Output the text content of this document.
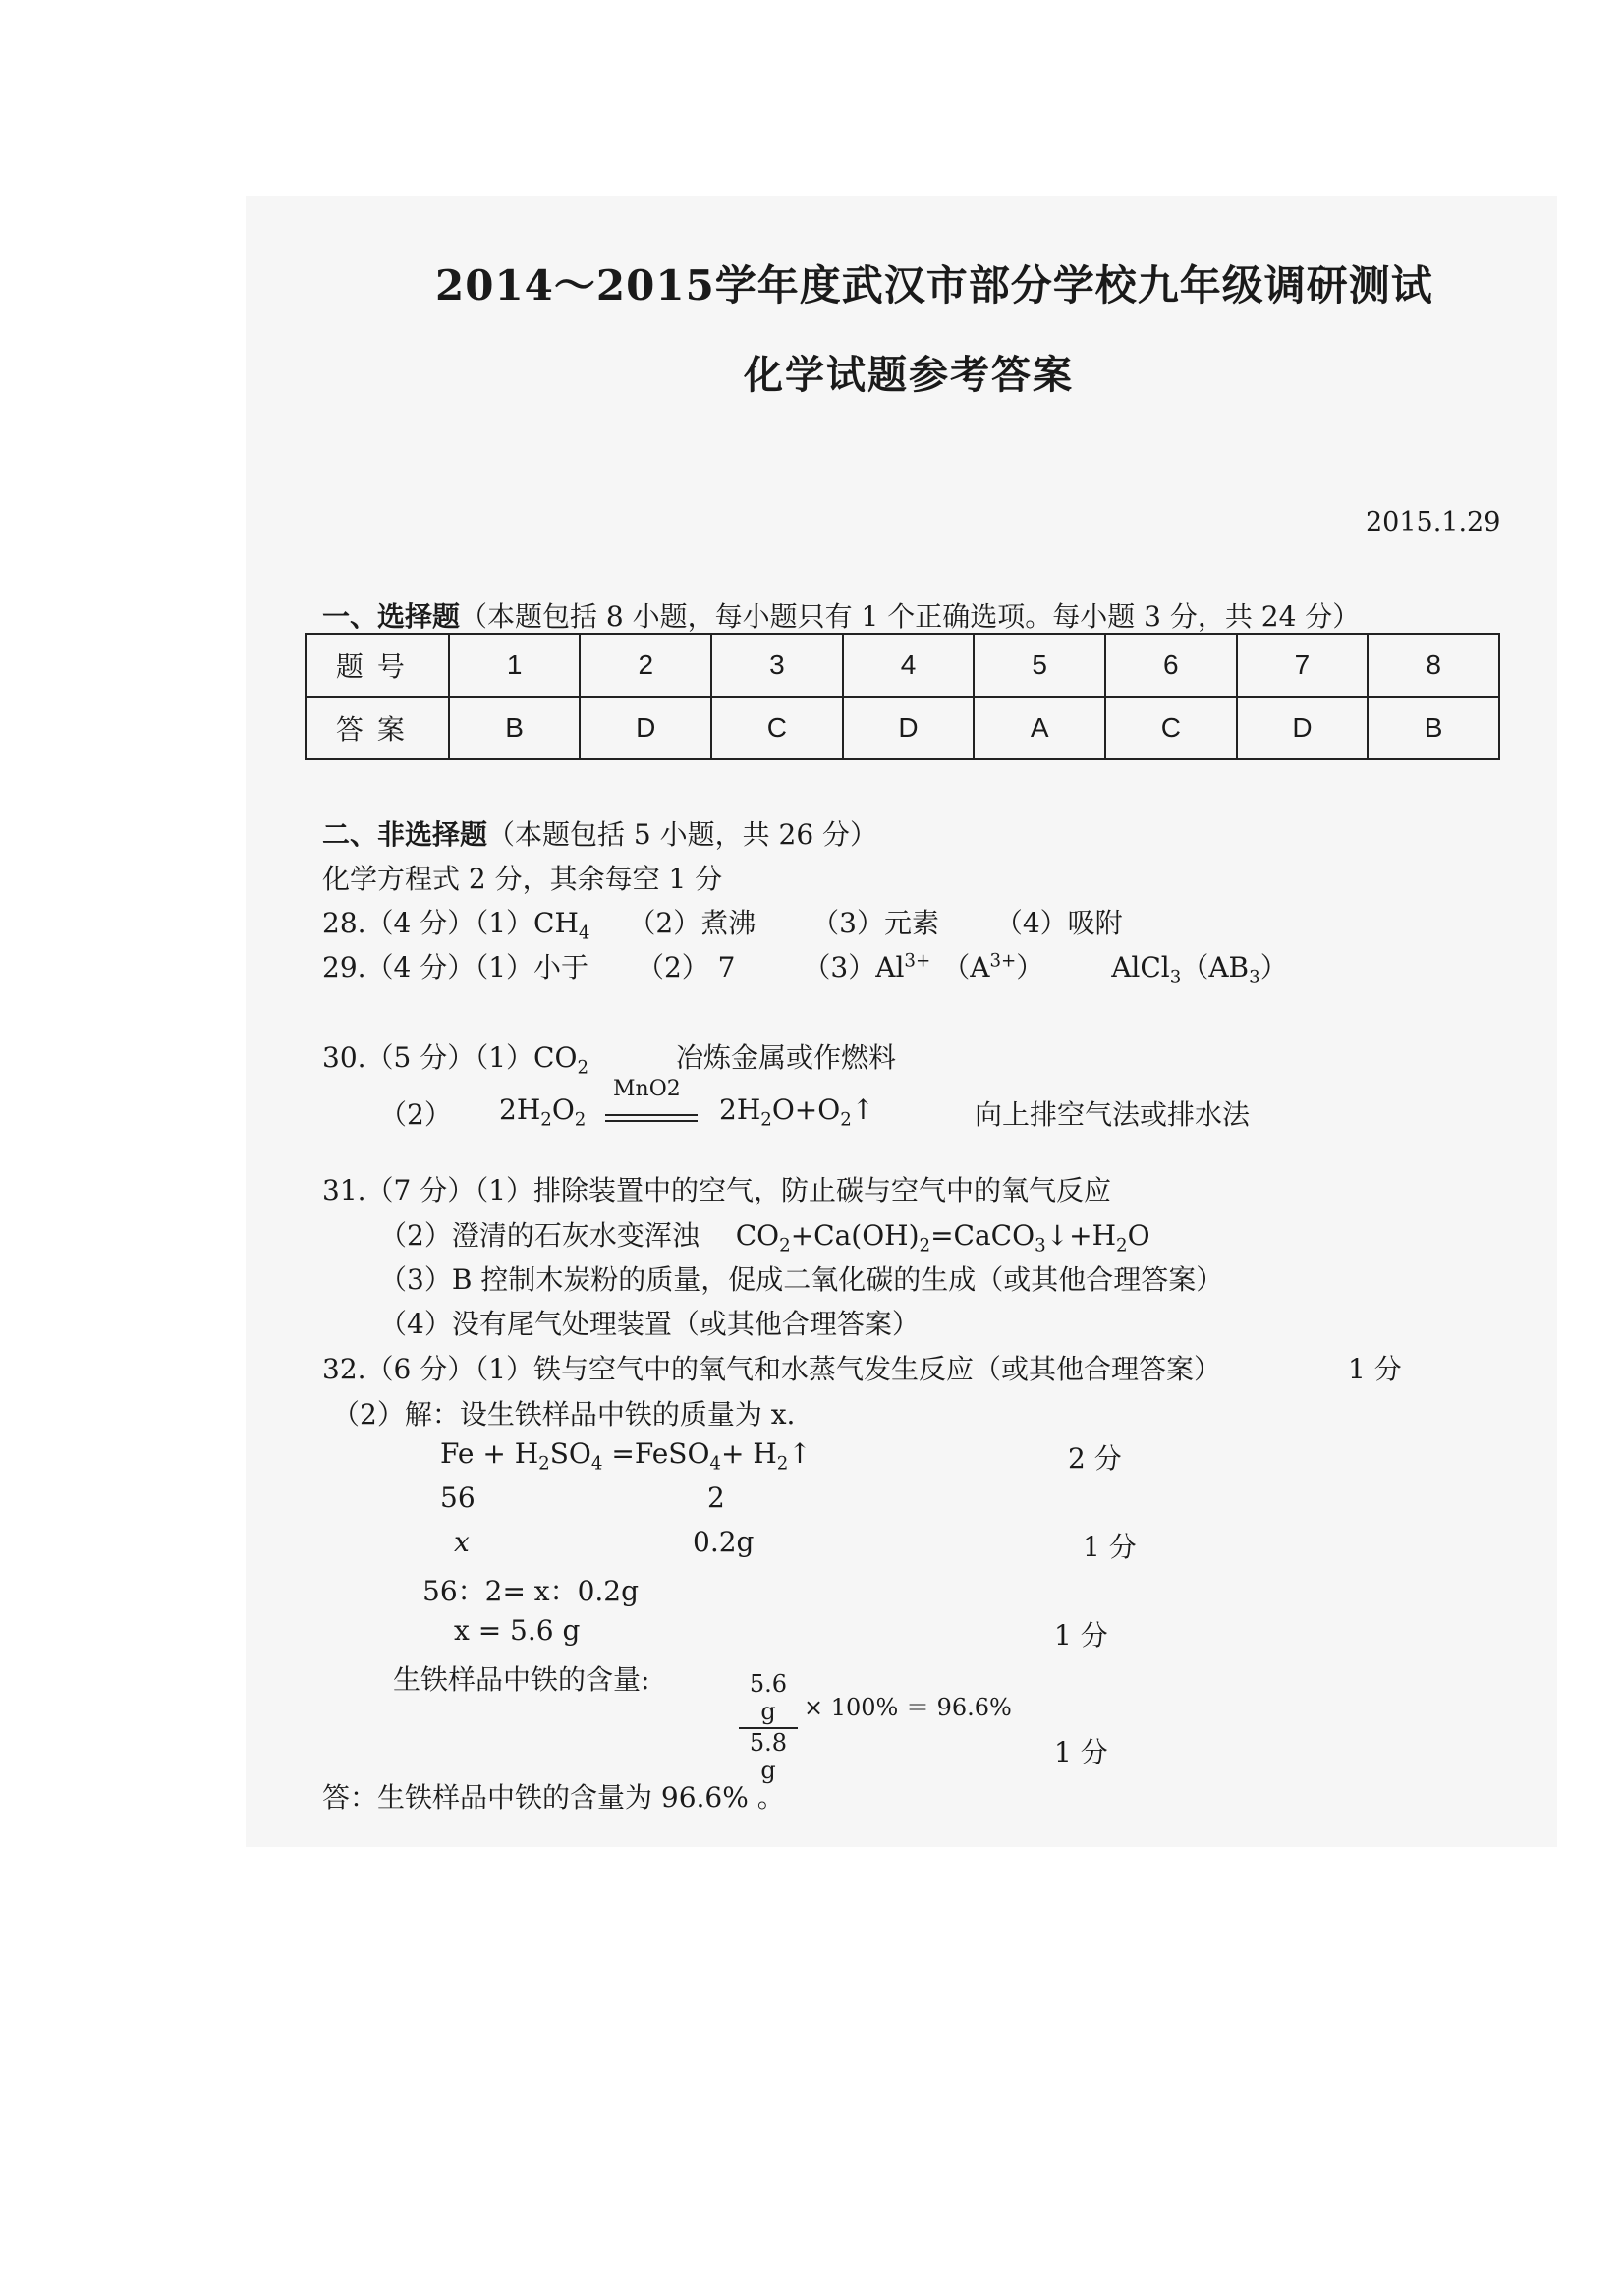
2014～2015学年度武汉市部分学校九年级调研测试
化学试题参考答案
2015.1.29
一、选择题（本题包括 8 小题，每小题只有 1 个正确选项。每小题 3 分，共 24 分）
题号	1	2	3	4	5	6	7	8
答案	B	D	C	D	A	C	D	B
二、非选择题（本题包括 5 小题，共 26 分）
化学方程式 2 分，其余每空 1 分
28.（4 分）$(1)CH_4$ （2）煮沸 （3）元素 （4）吸附
29.（4 分）（1）小于 （2） 7 $(3)Al^{3+}$ $(A^{3+})$ $AlCl_3(AB_3)$
30.（5 分）$(1)CO_2$	冶炼金属或作燃料
（2） $2H_2O_2$
MnO2
$2H_2O+O_2↑$	向上排空气法或排水法
31.（7 分）（1）排除装置中的空气，防止碳与空气中的氧气反应
（2）澄清的石灰水变浑浊 $CO_2+Ca(OH)_2=CaCO_3↓+H_2O$
（3）B 控制木炭粉的质量，促成二氧化碳的生成（或其他合理答案）
（4）没有尾气处理装置（或其他合理答案）
32.（6 分）（1）铁与空气中的氧气和水蒸气发生反应（或其他合理答案）	1 分
（2）解：设生铁样品中铁的质量为 x.
$Fe + H_2SO_4$ =FeSO$_4$+ $H_2↑$	2 分
56	2
x	0.2g	1 分
56：2= x：0.2g
x = 5.6 g	1 分
生铁样品中铁的含量:	$\frac{5.6 g}{5.8 g} \times 100\% = 96.6\%$
1 分
答：生铁样品中铁的含量为 96.6% 。
